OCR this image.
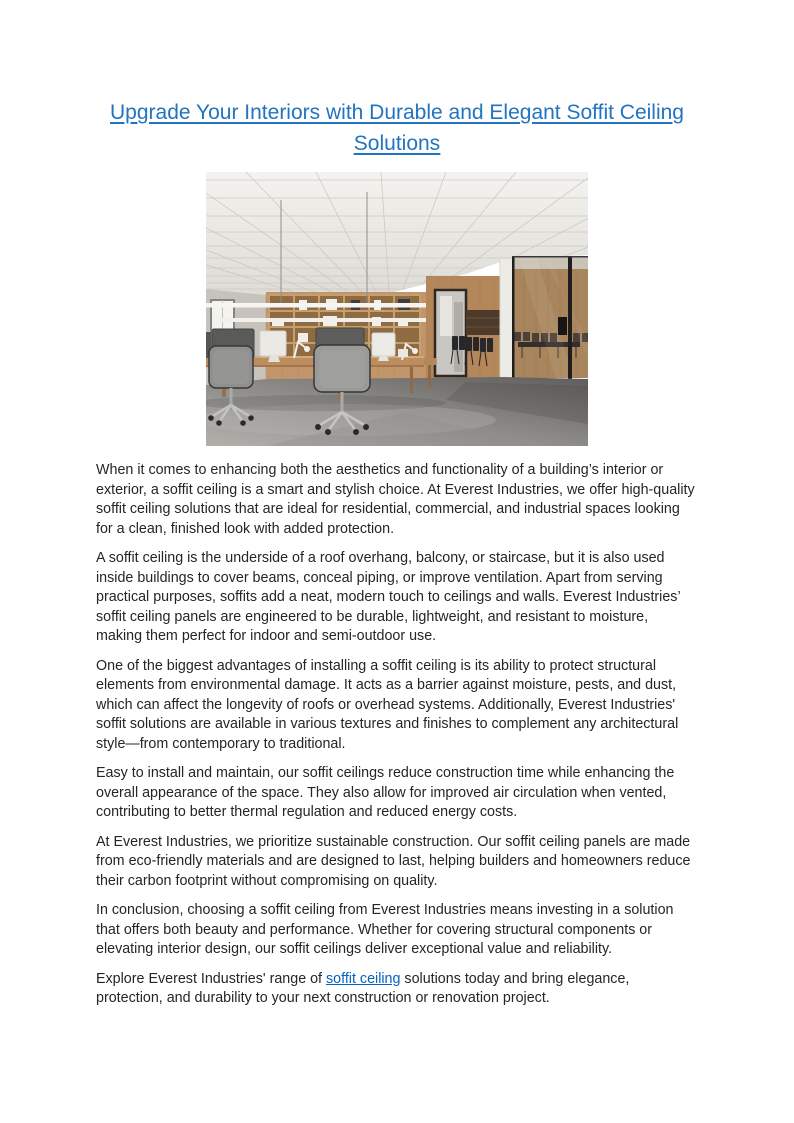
Upgrade Your Interiors with Durable and Elegant Soffit Ceiling Solutions

When it comes to enhancing both the aesthetics and functionality of a building’s interior or exterior, a soffit ceiling is a smart and stylish choice. At Everest Industries, we offer high-quality soffit ceiling solutions that are ideal for residential, commercial, and industrial spaces looking for a clean, finished look with added protection.

A soffit ceiling is the underside of a roof overhang, balcony, or staircase, but it is also used inside buildings to cover beams, conceal piping, or improve ventilation. Apart from serving practical purposes, soffits add a neat, modern touch to ceilings and walls. Everest Industries’ soffit ceiling panels are engineered to be durable, lightweight, and resistant to moisture, making them perfect for indoor and semi-outdoor use.

One of the biggest advantages of installing a soffit ceiling is its ability to protect structural elements from environmental damage. It acts as a barrier against moisture, pests, and dust, which can affect the longevity of roofs or overhead systems. Additionally, Everest Industries' soffit solutions are available in various textures and finishes to complement any architectural style—from contemporary to traditional.

Easy to install and maintain, our soffit ceilings reduce construction time while enhancing the overall appearance of the space. They also allow for improved air circulation when vented, contributing to better thermal regulation and reduced energy costs.

At Everest Industries, we prioritize sustainable construction. Our soffit ceiling panels are made from eco-friendly materials and are designed to last, helping builders and homeowners reduce their carbon footprint without compromising on quality.

In conclusion, choosing a soffit ceiling from Everest Industries means investing in a solution that offers both beauty and performance. Whether for covering structural components or elevating interior design, our soffit ceilings deliver exceptional value and reliability.

Explore Everest Industries' range of soffit ceiling solutions today and bring elegance, protection, and durability to your next construction or renovation project.
